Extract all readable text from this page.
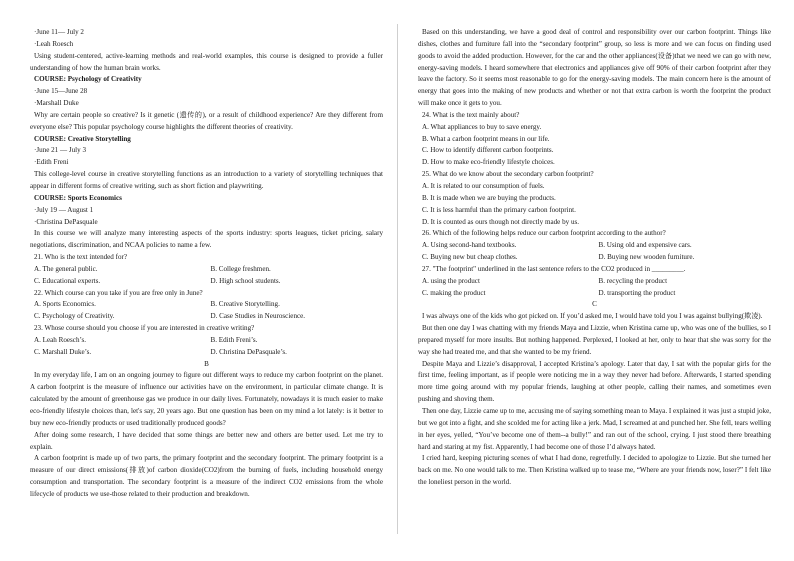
·June 11— July 2
·Leah Roesch

Using student-centered, active-learning methods and real-world examples, this course is designed to provide a fuller understanding of how the human brain works.

COURSE: Psychology of Creativity
·June 15—June 28
·Marshall Duke

Why are certain people so creative? Is it genetic (遗传的), or a result of childhood experience? Are they different from everyone else? This popular psychology course highlights the different theories of creativity.

COURSE: Creative Storytelling
·June 21 — July 3
·Edith Freni

This college-level course in creative storytelling functions as an introduction to a variety of storytelling techniques that appear in different forms of creative writing, such as short fiction and playwriting.

COURSE: Sports Economics
·July 19 — August 1
·Christina DePasquale

In this course we will analyze many interesting aspects of the sports industry: sports leagues, ticket pricing, salary negotiations, discrimination, and NCAA policies to name a few.

21. Who is the text intended for?
A. The general public.	B. College freshmen.
C. Educational experts.	D. High school students.
22. Which course can you take if you are free only in June?
A. Sports Economics.	B. Creative Storytelling.
C. Psychology of Creativity.	D. Case Studies in Neuroscience.
23. Whose course should you choose if you are interested in creative writing?
A. Leah Roesch’s.	B. Edith Freni’s.
C. Marshall Duke’s.	D. Christina DePasquale’s.
B

In my everyday life, I am on an ongoing journey to figure out different ways to reduce my carbon footprint on the planet. A carbon footprint is the measure of influence our activities have on the environment, in particular climate change. It is calculated by the amount of greenhouse gas we produce in our daily lives. Fortunately, nowadays it is much easier to make eco-friendly lifestyle choices than, let's say, 20 years ago. But one question has been on my mind a lot lately: is it better to buy new eco-friendly products or used traditionally produced goods?

After doing some research, I have decided that some things are better new and others are better used. Let me try to explain.

A carbon footprint is made up of two parts, the primary footprint and the secondary footprint. The primary footprint is a measure of our direct emissions(排放)of carbon dioxide(CO2)from the burning of fuels, including household energy consumption and transportation. The secondary footprint is a measure of the indirect CO2 emissions from the whole lifecycle of products we use-those related to their production and breakdown.

Based on this understanding, we have a good deal of control and responsibility over our carbon footprint. Things like dishes, clothes and furniture fall into the “secondary footprint” group, so less is more and we can focus on finding used goods to avoid the added production. However, for the car and the other appliances(设备)that we need we can go with new, energy-saving models. I heard somewhere that electronics and appliances give off 90% of their carbon footprint after they leave the factory. So it seems most reasonable to go for the energy-saving models. The main concern here is the amount of energy that goes into the making of new products and whether or not that extra carbon is worth the footprint the product will make once it gets to you.

24. What is the text mainly about?
A. What appliances to buy to save energy.
B. What a carbon footprint means in our life.
C. How to identify different carbon footprints.
D. How to make eco-friendly lifestyle choices.
25. What do we know about the secondary carbon footprint?
A. It is related to our consumption of fuels.
B. It is made when we are buying the products.
C. It is less harmful than the primary carbon footprint.
D. It is counted as ours though not directly made by us.
26. Which of the following helps reduce our carbon footprint according to the author?
A. Using second-hand textbooks.	B. Using old and expensive cars.
C. Buying new but cheap clothes.	D. Buying new wooden furniture.
27. "The footprint" underlined in the last sentence refers to the CO2 produced in _________.
A. using the product	B. recycling the product
C. making the product	D. transporting the product
C

I was always one of the kids who got picked on. If you’d asked me, I would have told you I was against bullying(欺凌).

But then one day I was chatting with my friends Maya and Lizzie, when Kristina came up, who was one of the bullies, so I prepared myself for more insults. But nothing happened. Perplexed, I looked at her, only to hear that she was sorry for the way she had treated me, and that she wanted to be my friend.

Despite Maya and Lizzie’s disapproval, I accepted Kristina’s apology. Later that day, I sat with the popular girls for the first time, feeling important, as if people were noticing me in a way they never had before. Afterwards, I started spending more time going around with my popular friends, laughing at other people, calling their names, and sometimes even pushing and shoving them.

Then one day, Lizzie came up to me, accusing me of saying something mean to Maya. I explained it was just a stupid joke, but we got into a fight, and she scolded me for acting like a jerk. Mad, I screamed at and punched her. She fell, tears welling in her eyes, yelled, “You’ve become one of them--a bully!” and ran out of the school, crying. I just stood there breathing hard and staring at my fist. Apparently, I had become one of those I’d always hated.

I cried hard, keeping picturing scenes of what I had done, regretfully. I decided to apologize to Lizzie. But she turned her back on me. No one would talk to me. Then Kristina walked up to tease me, “Where are your friends now, loser?” I felt like the loneliest person in the world.
